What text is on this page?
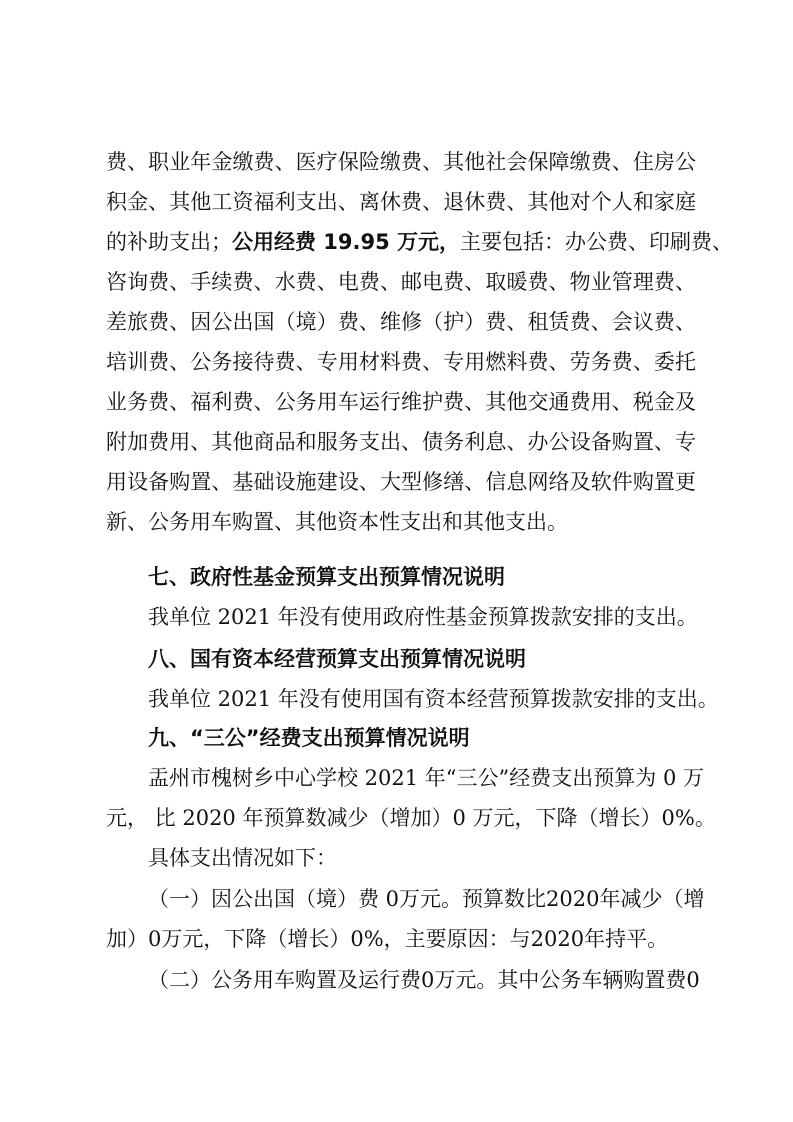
费、职业年金缴费、医疗保险缴费、其他社会保障缴费、住房公
积金、其他工资福利支出、离休费、退休费、其他对个人和家庭
的补助支出；公用经费 19.95 万元，主要包括：办公费、印刷费、
咨询费、手续费、水费、电费、邮电费、取暖费、物业管理费、
差旅费、因公出国（境）费、维修（护）费、租赁费、会议费、
培训费、公务接待费、专用材料费、专用燃料费、劳务费、委托
业务费、福利费、公务用车运行维护费、其他交通费用、税金及
附加费用、其他商品和服务支出、债务利息、办公设备购置、专
用设备购置、基础设施建设、大型修缮、信息网络及软件购置更
新、公务用车购置、其他资本性支出和其他支出。
七、政府性基金预算支出预算情况说明
我单位 2021 年没有使用政府性基金预算拨款安排的支出。
八、国有资本经营预算支出预算情况说明
我单位 2021 年没有使用国有资本经营预算拨款安排的支出。
九、“三公”经费支出预算情况说明
盂州市槐树乡中心学校 2021 年“三公”经费支出预算为 0 万
元， 比 2020 年预算数减少（增加）0 万元，下降（增长）0%。
具体支出情况如下：
（一）因公出国（境）费 0万元。预算数比2020年减少（增
加）0万元，下降（增长）0%，主要原因：与2020年持平。
（二）公务用车购置及运行费0万元。其中公务车辆购置费0
